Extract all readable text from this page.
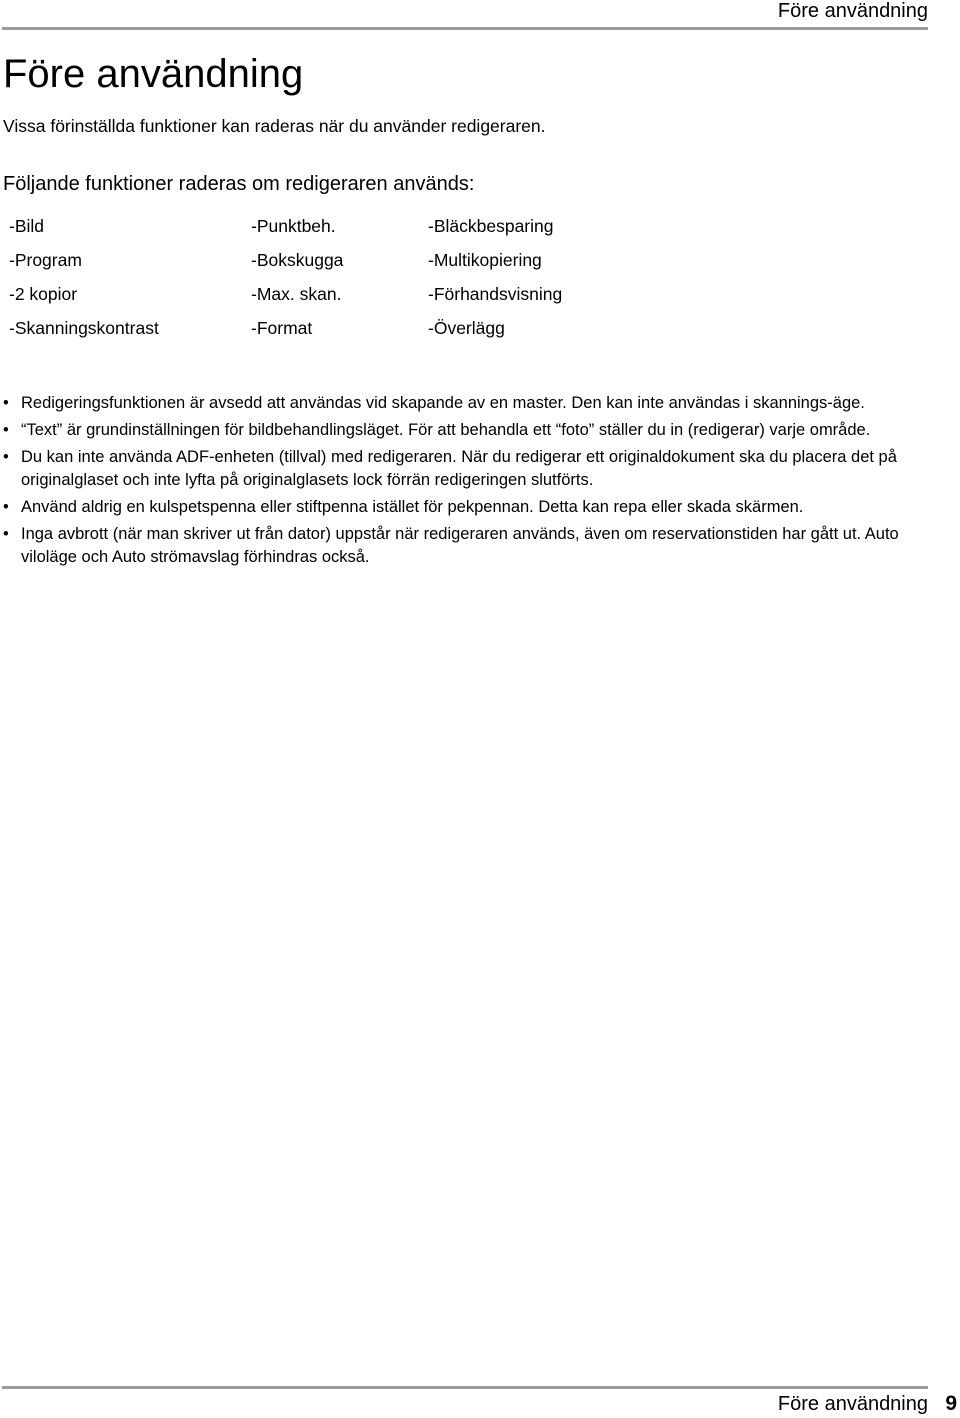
Före användning
Före användning

Vissa förinställda funktioner kan raderas när du använder redigeraren.

Följande funktioner raderas om redigeraren används:
-Bild	-Punktbeh.	-Bläckbesparing
-Program	-Bokskugga	-Multikopiering
-2 kopior	-Max. skan.	-Förhandsvisning
-Skanningskontrast	-Format	-Överlägg
• Redigeringsfunktionen är avsedd att användas vid skapande av en master. Den kan inte användas i skannings-äge.
• “Text” är grundinställningen för bildbehandlingsläget. För att behandla ett “foto” ställer du in (redigerar) varje område.
• Du kan inte använda ADF-enheten (tillval) med redigeraren. När du redigerar ett originaldokument ska du placera det på originalglaset och inte lyfta på originalglasets lock förrän redigeringen slutförts.
• Använd aldrig en kulspetspenna eller stiftpenna istället för pekpennan. Detta kan repa eller skada skärmen.
• Inga avbrott (när man skriver ut från dator) uppstår när redigeraren används, även om reservationstiden har gått ut. Auto viloläge och Auto strömavslag förhindras också.
Före användning 9
